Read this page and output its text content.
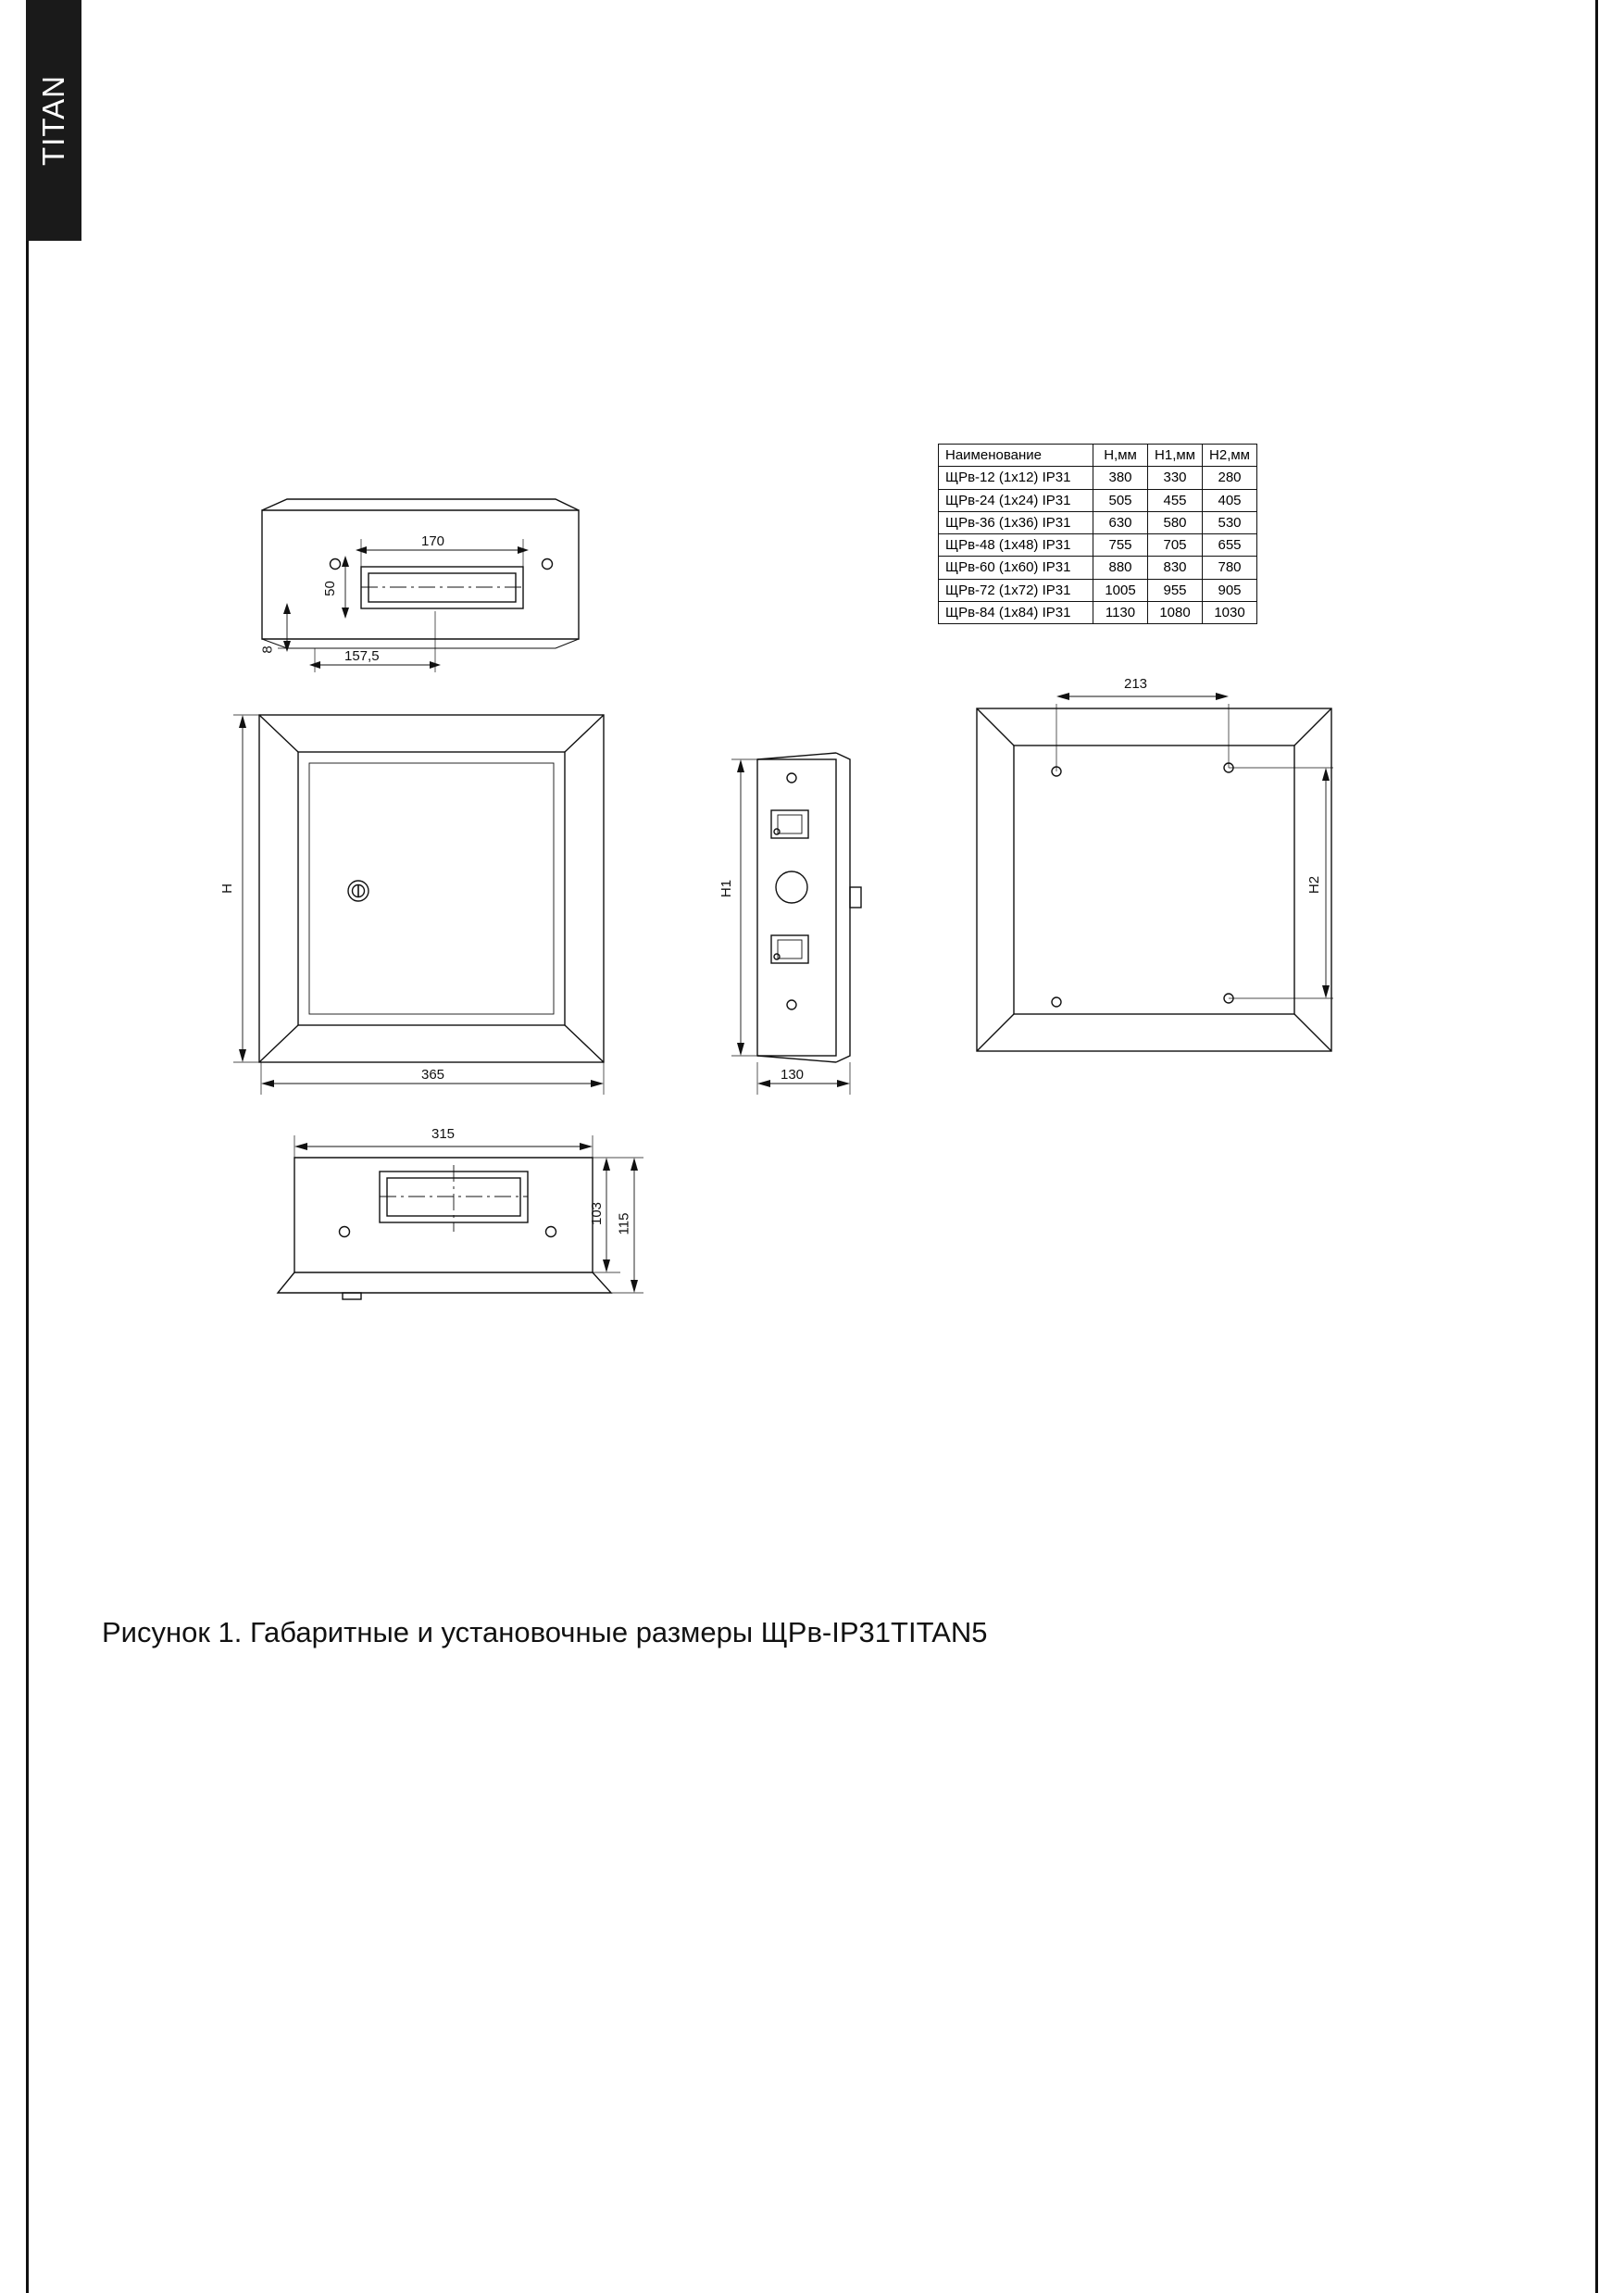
TITAN
170
50
8	157,5
H
365
H1
130
213
H2
315
103 115
Наименование	H,мм	H1,мм	H2,мм
ЩРв-12 (1х12) IP31	380	330	280
ЩРв-24 (1х24) IP31	505	455	405
ЩРв-36 (1х36) IP31	630	580	530
ЩРв-48 (1х48) IP31	755	705	655
ЩРв-60 (1х60) IP31	880	830	780
ЩРв-72 (1х72) IP31	1005	955	905
ЩРв-84 (1х84) IP31	1130	1080	1030
Рисунок 1. Габаритные и установочные размеры ЩРв-IP31TITAN5
